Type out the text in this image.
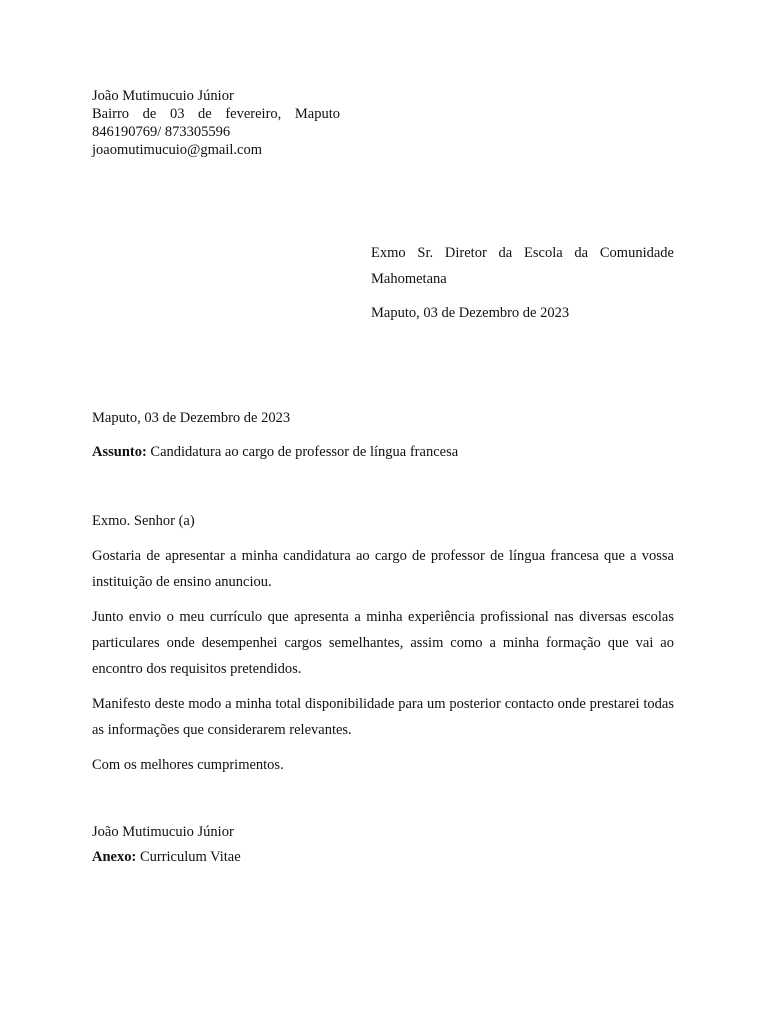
João Mutimucuio Júnior
Bairro de 03 de fevereiro, Maputo
846190769/ 873305596
joaomutimucuio@gmail.com

Exmo Sr. Diretor da Escola da Comunidade Mahometana

Maputo, 03 de Dezembro de 2023

Maputo, 03 de Dezembro de 2023

Assunto: Candidatura ao cargo de professor de língua francesa

Exmo. Senhor (a)

Gostaria de apresentar a minha candidatura ao cargo de professor de língua francesa que a vossa instituição de ensino anunciou.

Junto envio o meu currículo que apresenta a minha experiência profissional nas diversas escolas particulares onde desempenhei cargos semelhantes, assim como a minha formação que vai ao encontro dos requisitos pretendidos.

Manifesto deste modo a minha total disponibilidade para um posterior contacto onde prestarei todas as informações que considerarem relevantes.

Com os melhores cumprimentos.

João Mutimucuio Júnior

Anexo: Curriculum Vitae
